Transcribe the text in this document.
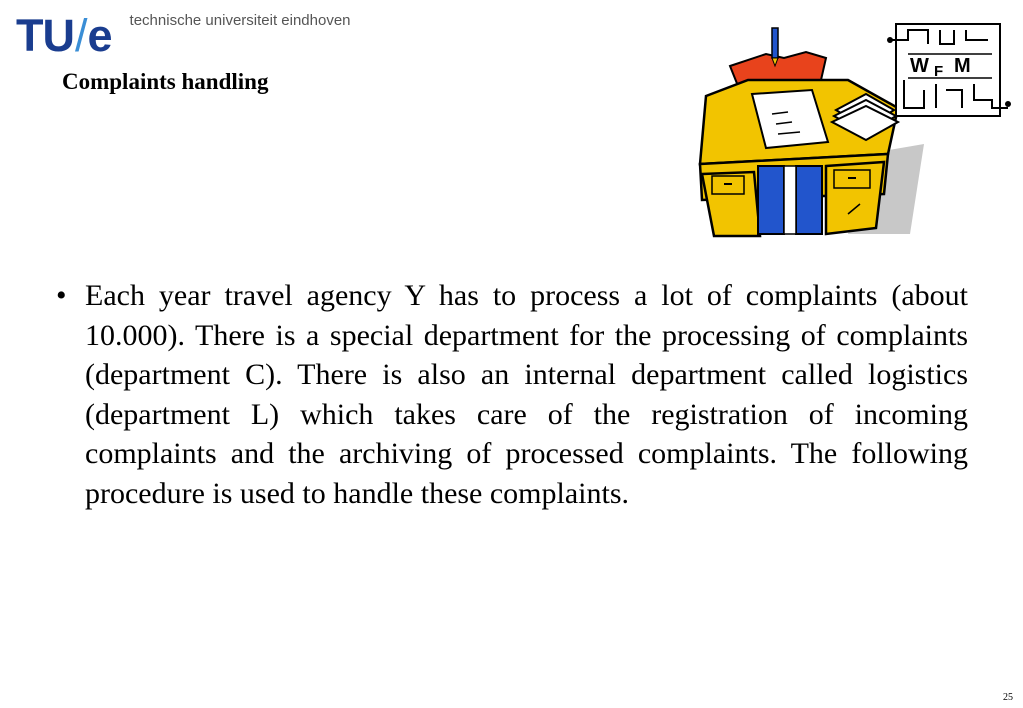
TU/e technische universiteit eindhoven
Complaints handling
W F M
• Each year travel agency Y has to process a lot of complaints (about 10.000). There is a special department for the processing of complaints (department C). There is also an internal department called logistics (department L) which takes care of the registration of incoming complaints and the archiving of processed complaints. The following procedure is used to handle these complaints.
25
